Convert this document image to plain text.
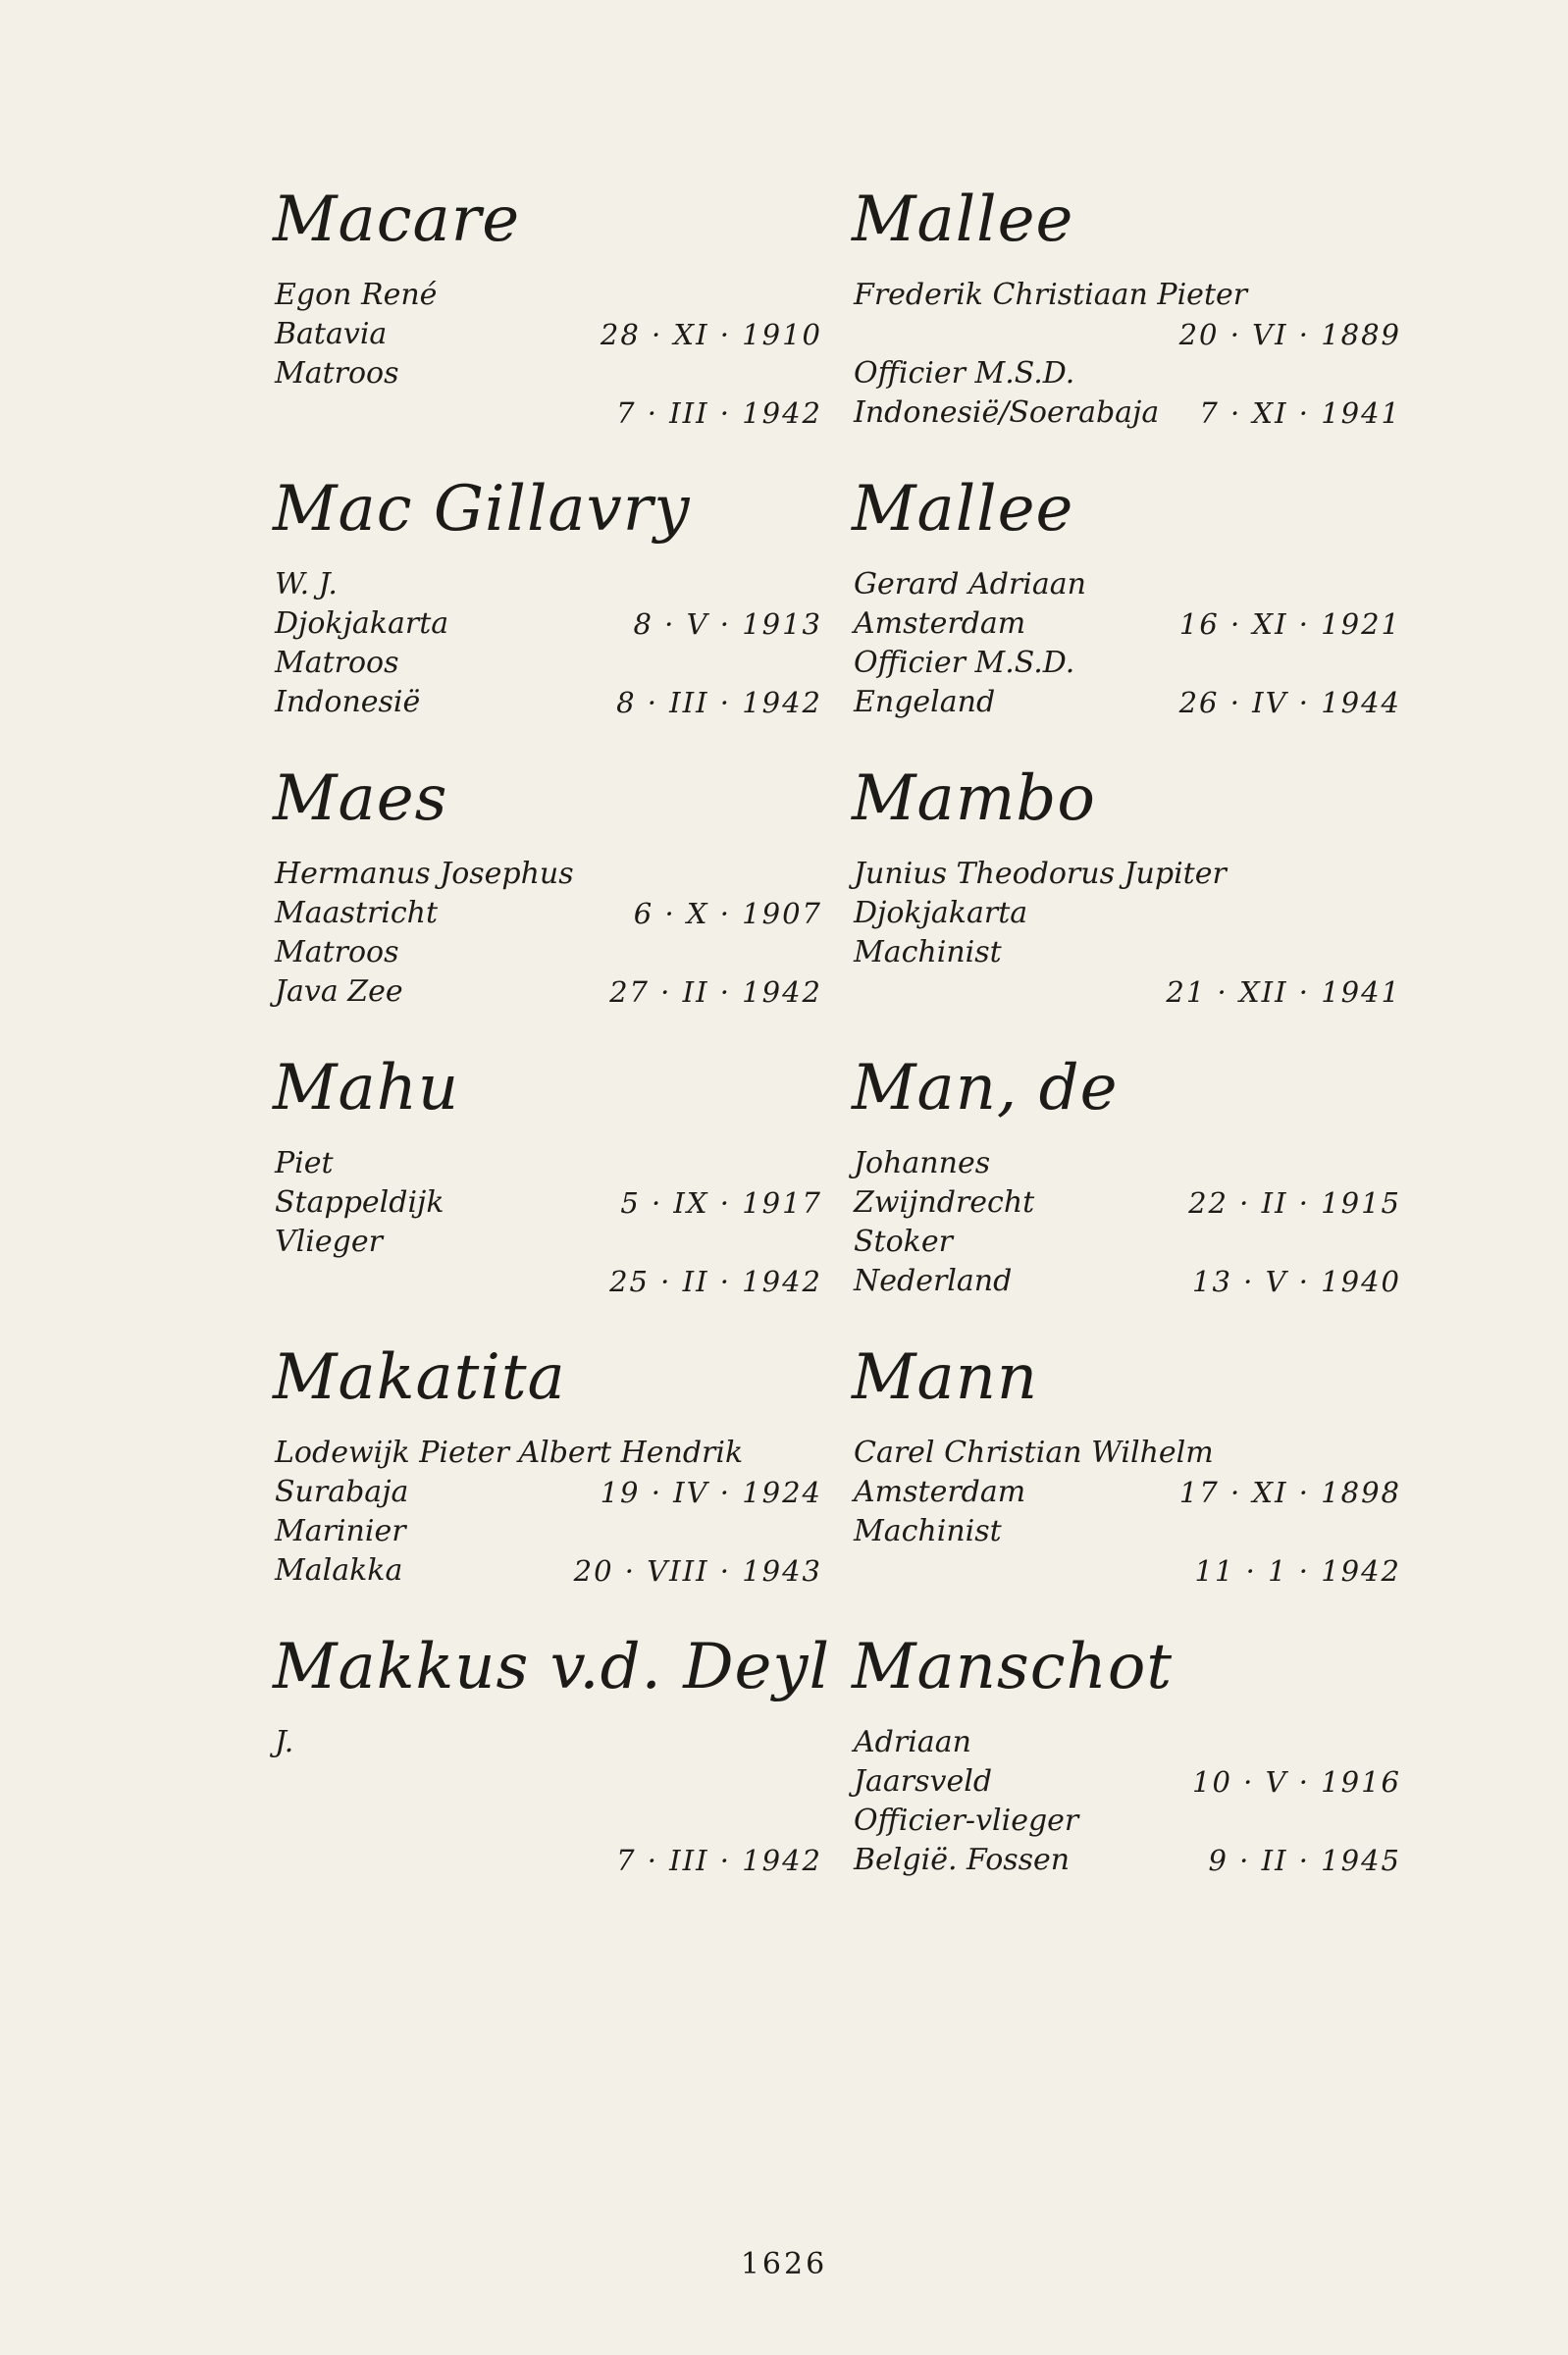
Macare
Egon René
Batavia	28 · XI · 1910
Matroos
7 · III · 1942
Mac Gillavry
W. J.
Djokjakarta	8 · V · 1913
Matroos
Indonesië	8 · III · 1942
Maes
Hermanus Josephus
Maastricht	6 · X · 1907
Matroos
Java Zee	27 · II · 1942
Mahu
Piet
Stappeldijk	5 · IX · 1917
Vlieger
25 · II · 1942
Makatita
Lodewijk Pieter Albert Hendrik
Surabaja	19 · IV · 1924
Marinier
Malakka	20 · VIII · 1943
Makkus v.d. Deyl
J.
7 · III · 1942
Mallee
Frederik Christiaan Pieter
20 · VI · 1889
Officier M.S.D.
Indonesië/Soerabaja 7 · XI · 1941
Mallee
Gerard Adriaan
Amsterdam	16 · XI · 1921
Officier M.S.D.
Engeland	26 · IV · 1944
Mambo
Junius Theodorus Jupiter
Djokjakarta
Machinist
21 · XII · 1941
Man, de
Johannes
Zwijndrecht	22 · II · 1915
Stoker
Nederland	13 · V · 1940
Mann
Carel Christian Wilhelm
Amsterdam	17 · XI · 1898
Machinist
11 · 1 · 1942
Manschot
Adriaan
Jaarsveld	10 · V · 1916
Officier-vlieger
België. Fossen	9 · II · 1945
1626
